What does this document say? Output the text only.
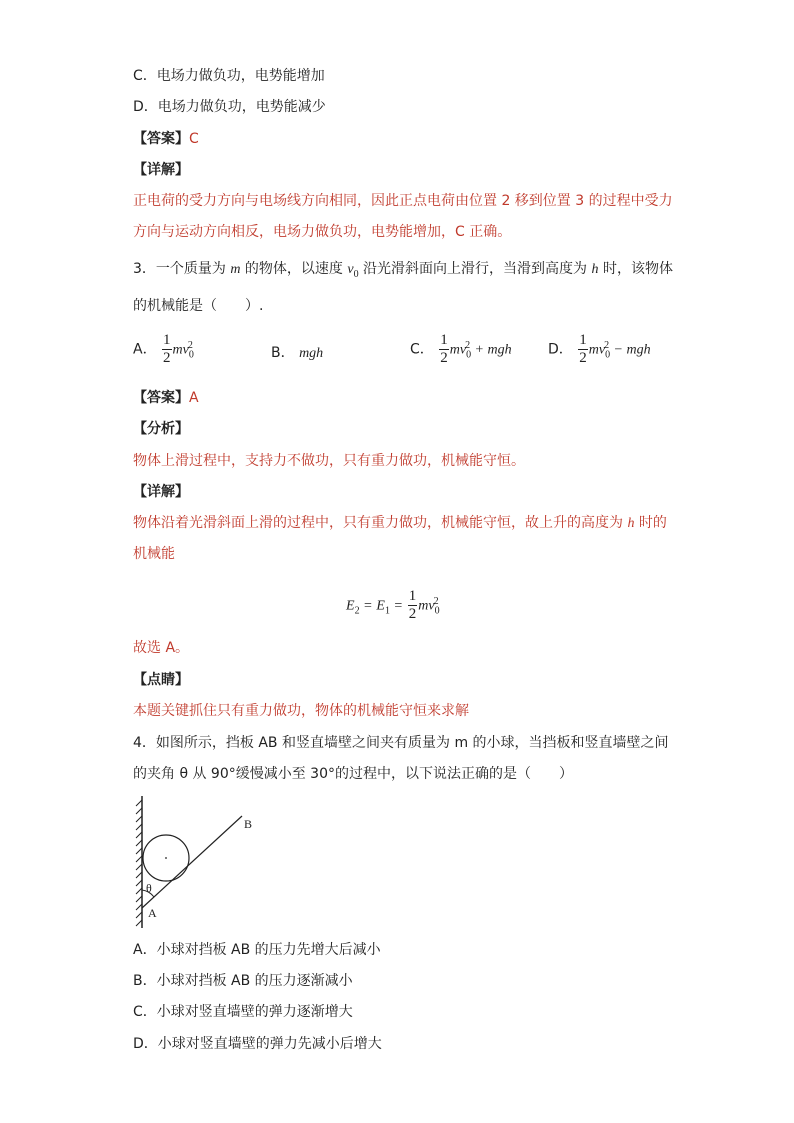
C．电场力做负功，电势能增加
D．电场力做负功，电势能减少
【答案】C
【详解】
正电荷的受力方向与电场线方向相同，因此正点电荷由位置 2 移到位置 3 的过程中受力
方向与运动方向相反，电场力做负功，电势能增加，C 正确。
3．一个质量为 m 的物体，以速度 $v_0$ 沿光滑斜面向上滑行，当滑到高度为 h 时，该物体
的机械能是（　　）.
A． $\frac{1}{2} mv_0^2$	B． mgh	C． $\frac{1}{2} mv_0^2$ + mgh	D． $\frac{1}{2} mv_0^2$ − mgh
【答案】A
【分析】
物体上滑过程中，支持力不做功，只有重力做功，机械能守恒。
【详解】
物体沿着光滑斜面上滑的过程中，只有重力做功，机械能守恒，故上升的高度为 h 时的
机械能
$E_2 = E_1 = \frac{1}{2} mv_0^2$
故选 A。
【点睛】
本题关键抓住只有重力做功，物体的机械能守恒来求解
4．如图所示，挡板 AB 和竖直墙壁之间夹有质量为 m 的小球，当挡板和竖直墙壁之间
的夹角 θ 从 90°缓慢减小至 30°的过程中，以下说法正确的是（　　）
θ
A
B
A．小球对挡板 AB 的压力先增大后减小
B．小球对挡板 AB 的压力逐渐减小
C．小球对竖直墙壁的弹力逐渐增大
D．小球对竖直墙壁的弹力先减小后增大
